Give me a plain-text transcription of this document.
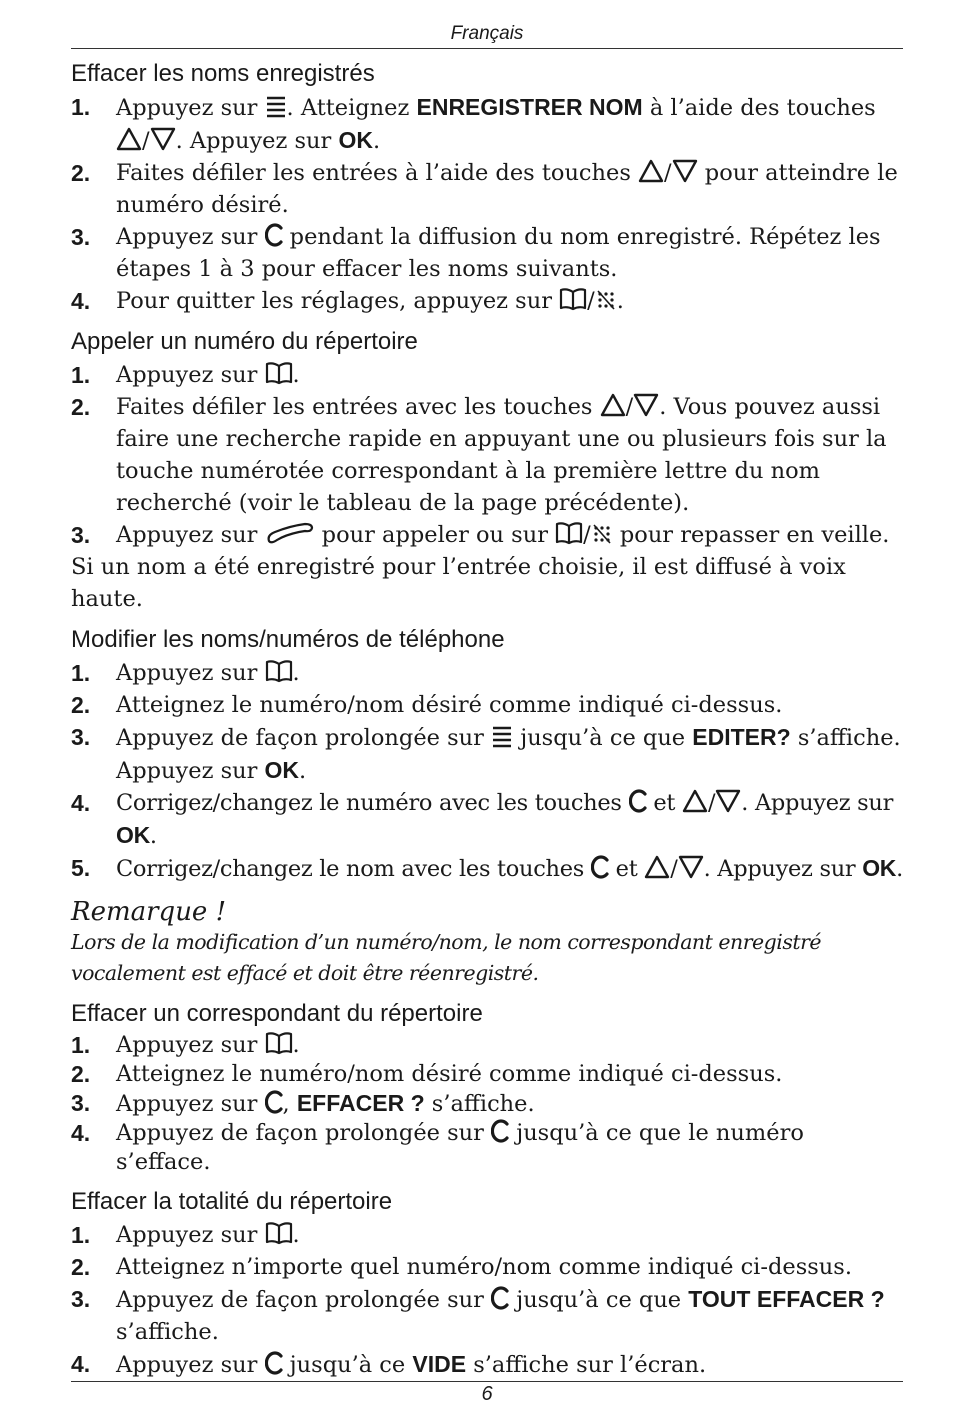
Français
Effacer les noms enregistrés
1.	Appuyez sur
. Atteignez ENREGISTRER NOM à l’aide des touches
/ . Appuyez sur OK.
2.	Faites défiler les entrées à l’aide des touches
/
pour atteindre le numéro désiré.
3.	Appuyez sur
pendant la diffusion du nom enregistré. Répétez les étapes 1 à 3 pour effacer les noms suivants.
4.	Pour quitter les réglages, appuyez sur
/ .
Appeler un numéro du répertoire
1.	Appuyez sur
.
2.	Faites défiler les entrées avec les touches
/ . Vous pouvez aussi faire une recherche rapide en appuyant une ou plusieurs fois sur la touche numérotée correspondant à la première lettre du nom recherché (voir le tableau de la page précédente).
3.	Appuyez sur
pour appeler ou sur
/
pour repasser en veille.
Si un nom a été enregistré pour l’entrée choisie, il est diffusé à voix haute.
Modifier les noms/numéros de téléphone
1.	Appuyez sur
.
2.	Atteignez le numéro/nom désiré comme indiqué ci-dessus.
3.	Appuyez de façon prolongée sur
jusqu’à ce que EDITER? s’affiche. Appuyez sur OK.
4.	Corrigez/changez le numéro avec les touches
et
/ . Appuyez sur OK.
5.	Corrigez/changez le nom avec les touches
et
/ . Appuyez sur OK.
Remarque !
Lors de la modification d’un numéro/nom, le nom correspondant enregistré vocalement est effacé et doit être réenregistré.
Effacer un correspondant du répertoire
1.	Appuyez sur
.
2.	Atteignez le numéro/nom désiré comme indiqué ci-dessus.
3.	Appuyez sur
, EFFACER ? s’affiche.
4.	Appuyez de façon prolongée sur
jusqu’à ce que le numéro s’efface.
Effacer la totalité du répertoire
1.	Appuyez sur
.
2.	Atteignez n’importe quel numéro/nom comme indiqué ci-dessus.
3.	Appuyez de façon prolongée sur
jusqu’à ce que TOUT EFFACER ? s’affiche.
4.	Appuyez sur
jusqu’à ce VIDE s’affiche sur l’écran.
6
